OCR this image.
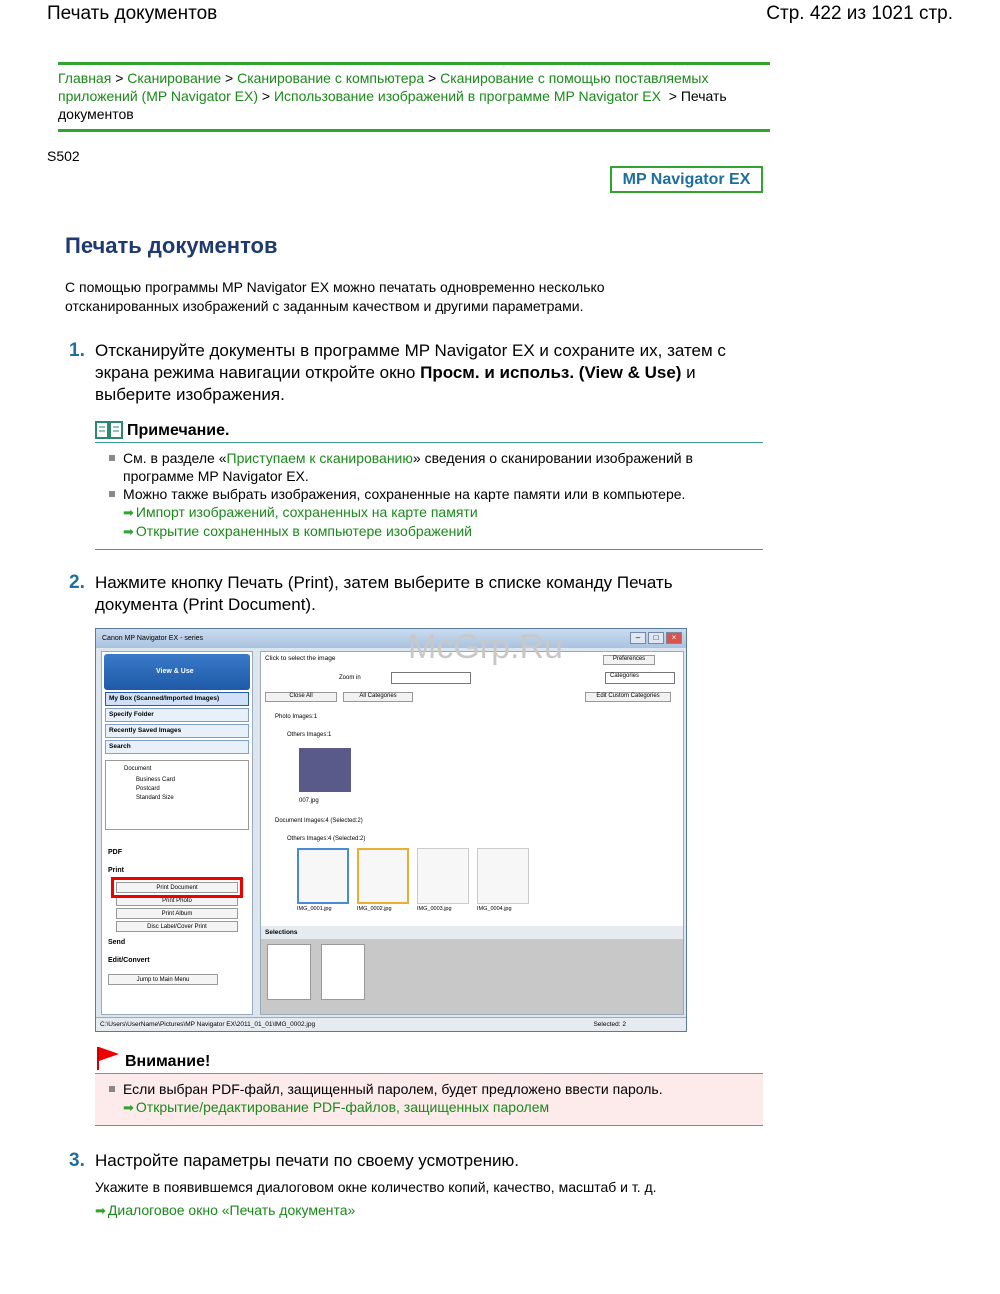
Печать документов	Стр. 422 из 1021 стр.
Главная > Сканирование > Сканирование с компьютера > Сканирование с помощью поставляемых приложений (MP Navigator EX) > Использование изображений в программе MP Navigator EX > Печать документов
S502
MP Navigator EX
Печать документов
С помощью программы MP Navigator EX можно печатать одновременно несколько отсканированных изображений с заданным качеством и другими параметрами.
1. Отсканируйте документы в программе MP Navigator EX и сохраните их, затем с экрана режима навигации откройте окно Просм. и использ. (View & Use) и выберите изображения.
Примечание.
См. в разделе «Приступаем к сканированию» сведения о сканировании изображений в программе MP Navigator EX.
Можно также выбрать изображения, сохраненные на карте памяти или в компьютере.
➡ Импорт изображений, сохраненных на карте памяти
➡ Открытие сохраненных в компьютере изображений
2. Нажмите кнопку Печать (Print), затем выберите в списке команду Печать документа (Print Document).
Canon MP Navigator EX - series	–	□	×
View & Use
My Box (Scanned/Imported Images)
Specify Folder
Recently Saved Images
Search
Document
Business Card
Postcard
Standard Size
PDF
Print
Print Document
Print Photo
Print Album
Disc Label/Cover Print
Send
Edit/Convert
Jump to Main Menu
Click to select the image	Preferences
Zoom in	Categories
Close All	All Categories	Edit Custom Categories
Photo Images:1
Others Images:1
007.jpg
Document Images:4 (Selected:2)
Others Images:4 (Selected:2)
IMG_0001.jpg	IMG_0002.jpg	IMG_0003.jpg	IMG_0004.jpg
Selections
C:\Users\UserName\Pictures\MP Navigator EX\2011_01_01\IMG_0002.jpg	Selected: 2
McGrp.Ru
Внимание!
Если выбран PDF-файл, защищенный паролем, будет предложено ввести пароль.
➡ Открытие/редактирование PDF-файлов, защищенных паролем
3. Настройте параметры печати по своему усмотрению.
Укажите в появившемся диалоговом окне количество копий, качество, масштаб и т. д.
➡ Диалоговое окно «Печать документа»
